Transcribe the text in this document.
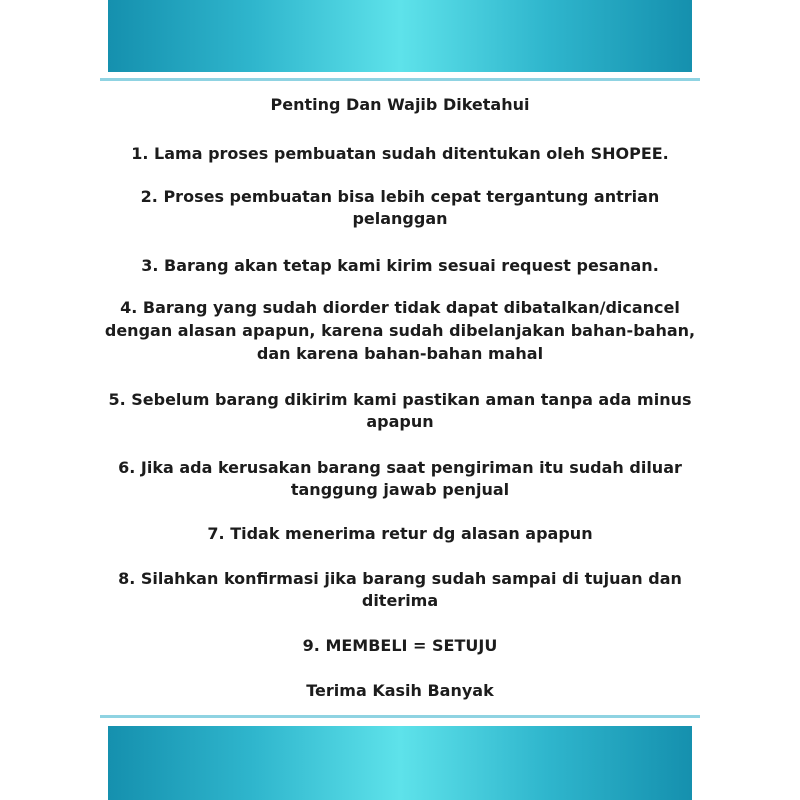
Penting Dan Wajib Diketahui
1. Lama proses pembuatan sudah ditentukan oleh SHOPEE.
2. Proses pembuatan bisa lebih cepat tergantung antrian
pelanggan
3. Barang akan tetap kami kirim sesuai request pesanan.
4. Barang yang sudah diorder tidak dapat dibatalkan/dicancel
dengan alasan apapun, karena sudah dibelanjakan bahan-bahan,
dan karena bahan-bahan mahal
5. Sebelum barang dikirim kami pastikan aman tanpa ada minus
apapun
6. Jika ada kerusakan barang saat pengiriman itu sudah diluar
tanggung jawab penjual
7. Tidak menerima retur dg alasan apapun
8. Silahkan konfirmasi jika barang sudah sampai di tujuan dan
diterima
9. MEMBELI = SETUJU
Terima Kasih Banyak
